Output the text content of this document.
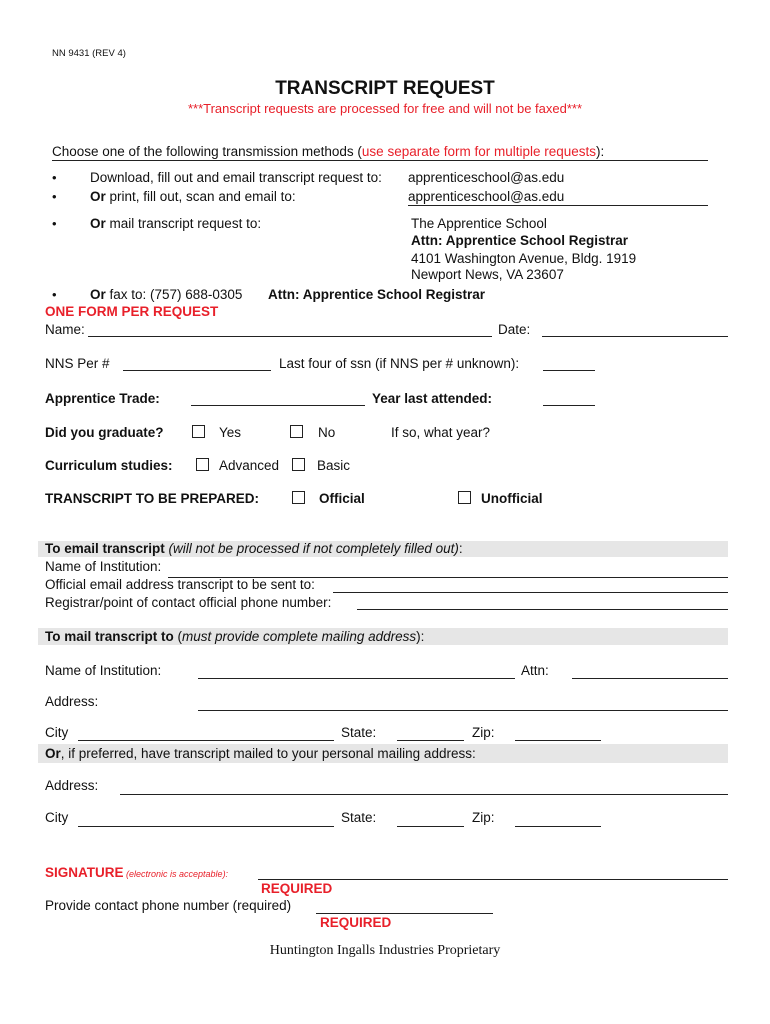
NN 9431 (REV 4)
TRANSCRIPT REQUEST
***Transcript requests are processed for free and will not be faxed***
Choose one of the following transmission methods (use separate form for multiple requests):
• Download, fill out and email transcript request to: apprenticeschool@as.edu
• Or print, fill out, scan and email to:	apprenticeschool@as.edu
• Or mail transcript request to:	The Apprentice School
Attn: Apprentice School Registrar
4101 Washington Avenue, Bldg. 1919
Newport News, VA 23607
• Or fax to: (757) 688-0305 Attn: Apprentice School Registrar
ONE FORM PER REQUEST
Name:	Date:
NNS Per #	Last four of ssn (if NNS per # unknown):
Apprentice Trade:	Year last attended:
Did you graduate?	Yes	No	If so, what year?
Curriculum studies:	Advanced	Basic
TRANSCRIPT TO BE PREPARED:	Official	Unofficial
To email transcript (will not be processed if not completely filled out):
Name of Institution:
Official email address transcript to be sent to:
Registrar/point of contact official phone number:
To mail transcript to (must provide complete mailing address):
Name of Institution:	Attn:
Address:
City	State:	Zip:
Or, if preferred, have transcript mailed to your personal mailing address:
Address:
City	State:	Zip:
SIGNATURE (electronic is acceptable):
REQUIRED
Provide contact phone number (required)
REQUIRED
Huntington Ingalls Industries Proprietary
